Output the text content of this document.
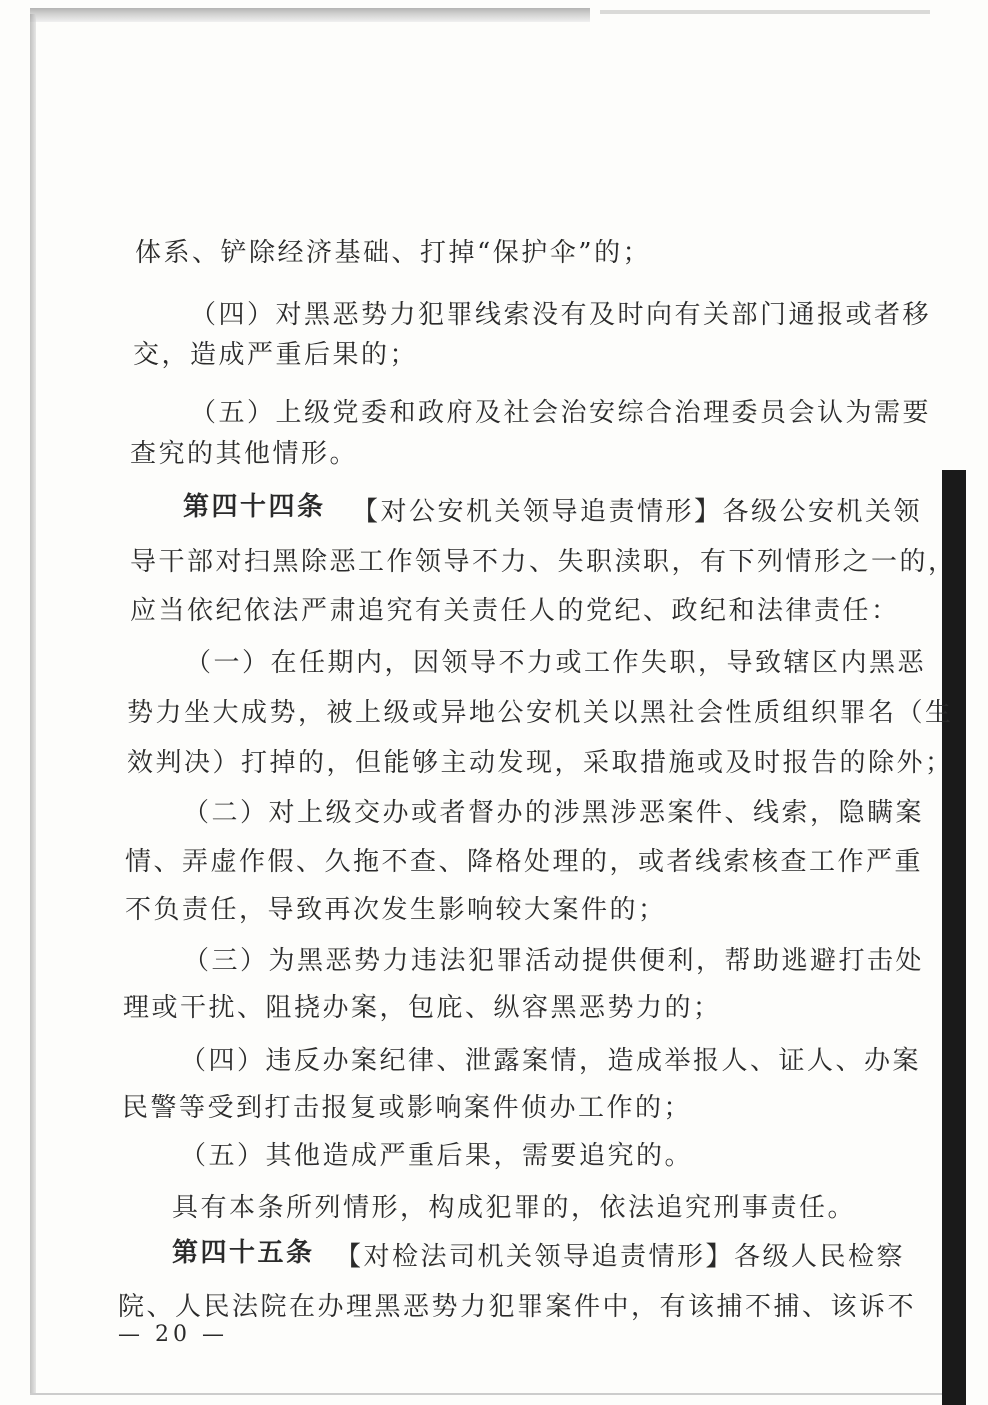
体系、铲除经济基础、打掉“保护伞”的；
（四）对黑恶势力犯罪线索没有及时向有关部门通报或者移
交，造成严重后果的；
（五）上级党委和政府及社会治安综合治理委员会认为需要
查究的其他情形。
第四十四条 【对公安机关领导追责情形】各级公安机关领
导干部对扫黑除恶工作领导不力、失职渎职，有下列情形之一的，
应当依纪依法严肃追究有关责任人的党纪、政纪和法律责任：
（一）在任期内，因领导不力或工作失职，导致辖区内黑恶
势力坐大成势，被上级或异地公安机关以黑社会性质组织罪名（生
效判决）打掉的，但能够主动发现，采取措施或及时报告的除外；
（二）对上级交办或者督办的涉黑涉恶案件、线索，隐瞒案
情、弄虚作假、久拖不查、降格处理的，或者线索核查工作严重
不负责任，导致再次发生影响较大案件的；
（三）为黑恶势力违法犯罪活动提供便利，帮助逃避打击处
理或干扰、阻挠办案，包庇、纵容黑恶势力的；
（四）违反办案纪律、泄露案情，造成举报人、证人、办案
民警等受到打击报复或影响案件侦办工作的；
（五）其他造成严重后果，需要追究的。
具有本条所列情形，构成犯罪的，依法追究刑事责任。
第四十五条 【对检法司机关领导追责情形】各级人民检察
院、人民法院在办理黑恶势力犯罪案件中，有该捕不捕、该诉不
— 20 —
